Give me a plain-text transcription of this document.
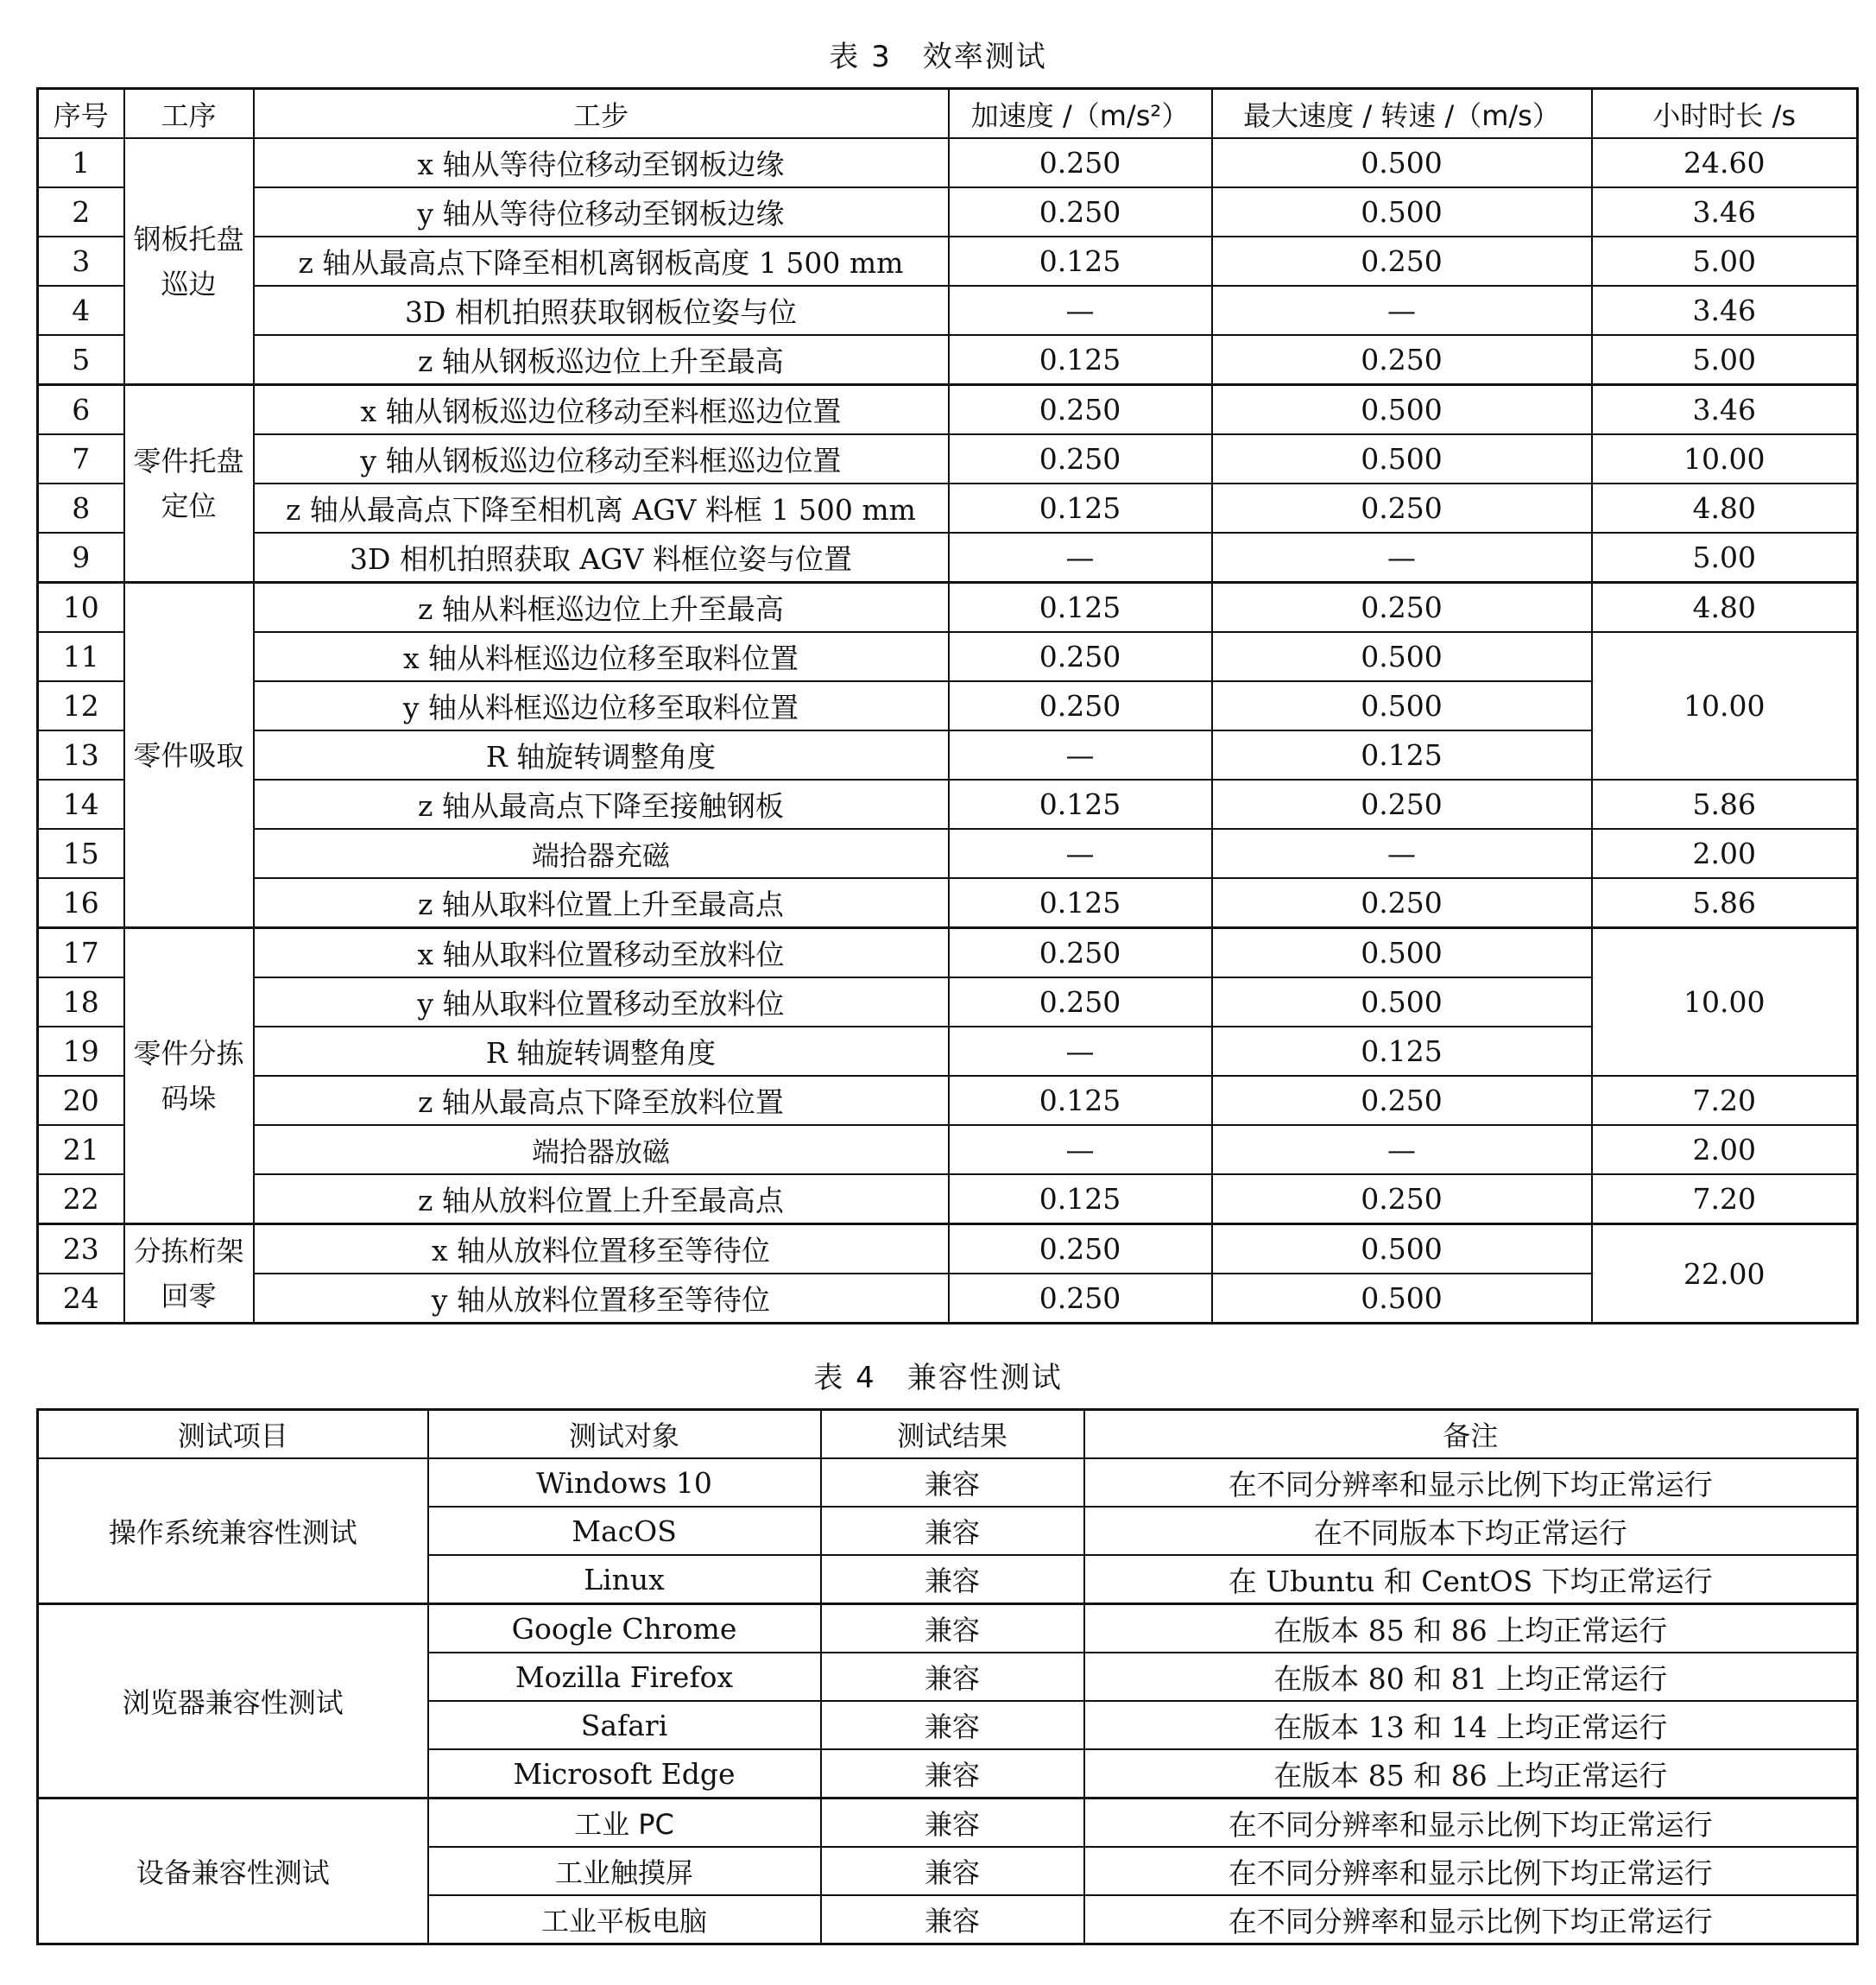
表 3　效率测试
序号	工序	工步	加速度 /（m/s²）	最大速度 / 转速 /（m/s）	小时时长 /s
1	钢板托盘巡边	x 轴从等待位移动至钢板边缘	0.250	0.500	24.60
2		y 轴从等待位移动至钢板边缘	0.250	0.500	3.46
3		z 轴从最高点下降至相机离钢板高度 1 500 mm	0.125	0.250	5.00
4		3D 相机拍照获取钢板位姿与位	—	—	3.46
5		z 轴从钢板巡边位上升至最高	0.125	0.250	5.00
6	零件托盘定位	x 轴从钢板巡边位移动至料框巡边位置	0.250	0.500	3.46
7		y 轴从钢板巡边位移动至料框巡边位置	0.250	0.500	10.00
8		z 轴从最高点下降至相机离 AGV 料框 1 500 mm	0.125	0.250	4.80
9		3D 相机拍照获取 AGV 料框位姿与位置	—	—	5.00
10	零件吸取	z 轴从料框巡边位上升至最高	0.125	0.250	4.80
11		x 轴从料框巡边位移至取料位置	0.250	0.500	10.00
12		y 轴从料框巡边位移至取料位置	0.250	0.500	
13		R 轴旋转调整角度	—	0.125	
14		z 轴从最高点下降至接触钢板	0.125	0.250	5.86
15		端拾器充磁	—	—	2.00
16		z 轴从取料位置上升至最高点	0.125	0.250	5.86
17	零件分拣码垛	x 轴从取料位置移动至放料位	0.250	0.500	10.00
18		y 轴从取料位置移动至放料位	0.250	0.500	
19		R 轴旋转调整角度	—	0.125	
20		z 轴从最高点下降至放料位置	0.125	0.250	7.20
21		端拾器放磁	—	—	2.00
22		z 轴从放料位置上升至最高点	0.125	0.250	7.20
23	分拣桁架回零	x 轴从放料位置移至等待位	0.250	0.500	22.00
24		y 轴从放料位置移至等待位	0.250	0.500	
表 4　兼容性测试
测试项目	测试对象	测试结果	备注
操作系统兼容性测试	Windows 10	兼容	在不同分辨率和显示比例下均正常运行
	MacOS	兼容	在不同版本下均正常运行
	Linux	兼容	在 Ubuntu 和 CentOS 下均正常运行
浏览器兼容性测试	Google Chrome	兼容	在版本 85 和 86 上均正常运行
	Mozilla Firefox	兼容	在版本 80 和 81 上均正常运行
	Safari	兼容	在版本 13 和 14 上均正常运行
	Microsoft Edge	兼容	在版本 85 和 86 上均正常运行
设备兼容性测试	工业 PC	兼容	在不同分辨率和显示比例下均正常运行
	工业触摸屏	兼容	在不同分辨率和显示比例下均正常运行
	工业平板电脑	兼容	在不同分辨率和显示比例下均正常运行
